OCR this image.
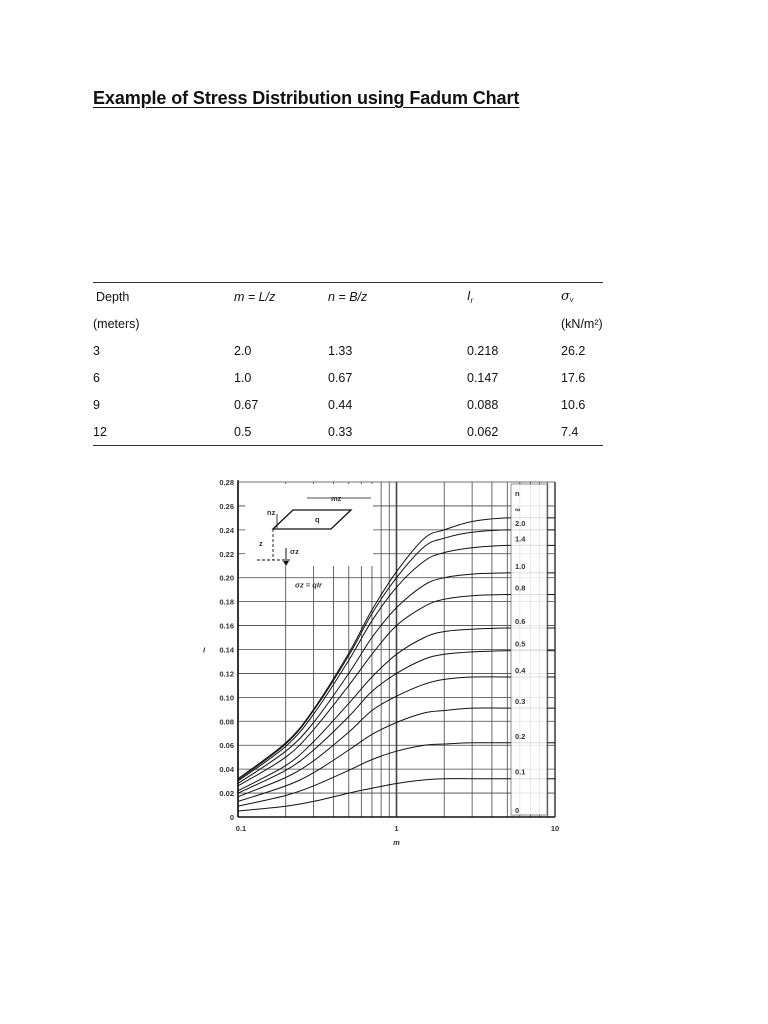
Example of Stress Distribution using Fadum Chart
Depth	m = L/z	n = B/z	$I_r$	σv
(meters)				(kN/m²)
3	2.0	1.33	0.218	26.2
6	1.0	0.67	0.147	17.6
9	0.67	0.44	0.088	10.6
12	0.5	0.33	0.062	7.4
0
0.02
0.04
0.06
0.08
0.10
0.12
0.14
0.16
0.18
0.20
0.22
0.24
0.26
0.28
0.1	1	10
I
m
n
∞
2.0
1.4
1.0
0.8
0.6
0.5
0.4
0.3
0.2
0.1
0
σz = qIr
mz
nz
q
z
σz
